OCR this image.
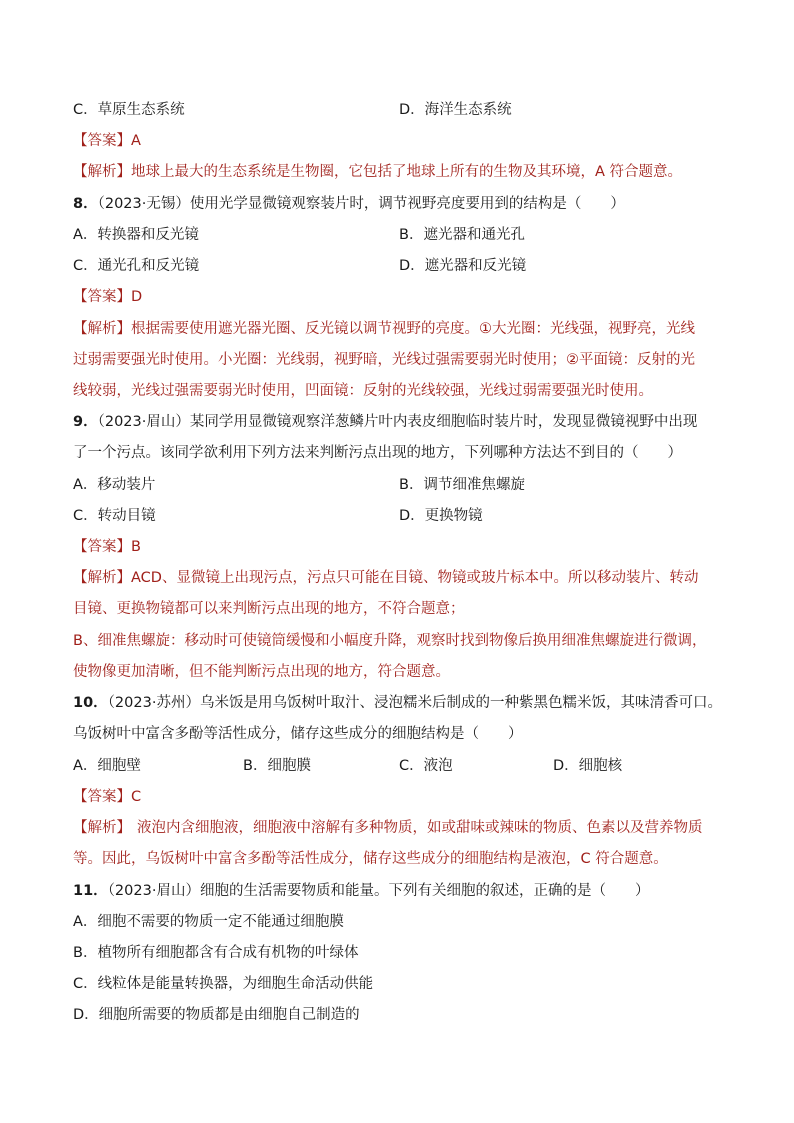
C．草原生态系统	D．海洋生态系统
【答案】A
【解析】地球上最大的生态系统是生物圈，它包括了地球上所有的生物及其环境，A 符合题意。
8．（2023·无锡）使用光学显微镜观察装片时，调节视野亮度要用到的结构是（　　）
A．转换器和反光镜	B．遮光器和通光孔
C．通光孔和反光镜	D．遮光器和反光镜
【答案】D
【解析】根据需要使用遮光器光圈、反光镜以调节视野的亮度。①大光圈：光线强，视野亮，光线
过弱需要强光时使用。小光圈：光线弱，视野暗，光线过强需要弱光时使用；②平面镜：反射的光
线较弱，光线过强需要弱光时使用，凹面镜：反射的光线较强，光线过弱需要强光时使用。
9．（2023·眉山）某同学用显微镜观察洋葱鳞片叶内表皮细胞临时装片时，发现显微镜视野中出现
了一个污点。该同学欲利用下列方法来判断污点出现的地方，下列哪种方法达不到目的（　　）
A．移动装片	B．调节细准焦螺旋
C．转动目镜	D．更换物镜
【答案】B
【解析】ACD、显微镜上出现污点，污点只可能在目镜、物镜或玻片标本中。所以移动装片、转动
目镜、更换物镜都可以来判断污点出现的地方，不符合题意；
B、细准焦螺旋：移动时可使镜筒缓慢和小幅度升降，观察时找到物像后换用细准焦螺旋进行微调，
使物像更加清晰，但不能判断污点出现的地方，符合题意。
10．（2023·苏州）乌米饭是用乌饭树叶取汁、浸泡糯米后制成的一种紫黑色糯米饭，其味清香可口。
乌饭树叶中富含多酚等活性成分，储存这些成分的细胞结构是（　　）
A．细胞壁	B．细胞膜	C．液泡	D．细胞核
【答案】C
【解析】 液泡内含细胞液，细胞液中溶解有多种物质，如或甜味或辣味的物质、色素以及营养物质
等。因此，乌饭树叶中富含多酚等活性成分，储存这些成分的细胞结构是液泡，C 符合题意。
11．（2023·眉山）细胞的生活需要物质和能量。下列有关细胞的叙述，正确的是（　　）
A．细胞不需要的物质一定不能通过细胞膜
B．植物所有细胞都含有合成有机物的叶绿体
C．线粒体是能量转换器，为细胞生命活动供能
D．细胞所需要的物质都是由细胞自己制造的
